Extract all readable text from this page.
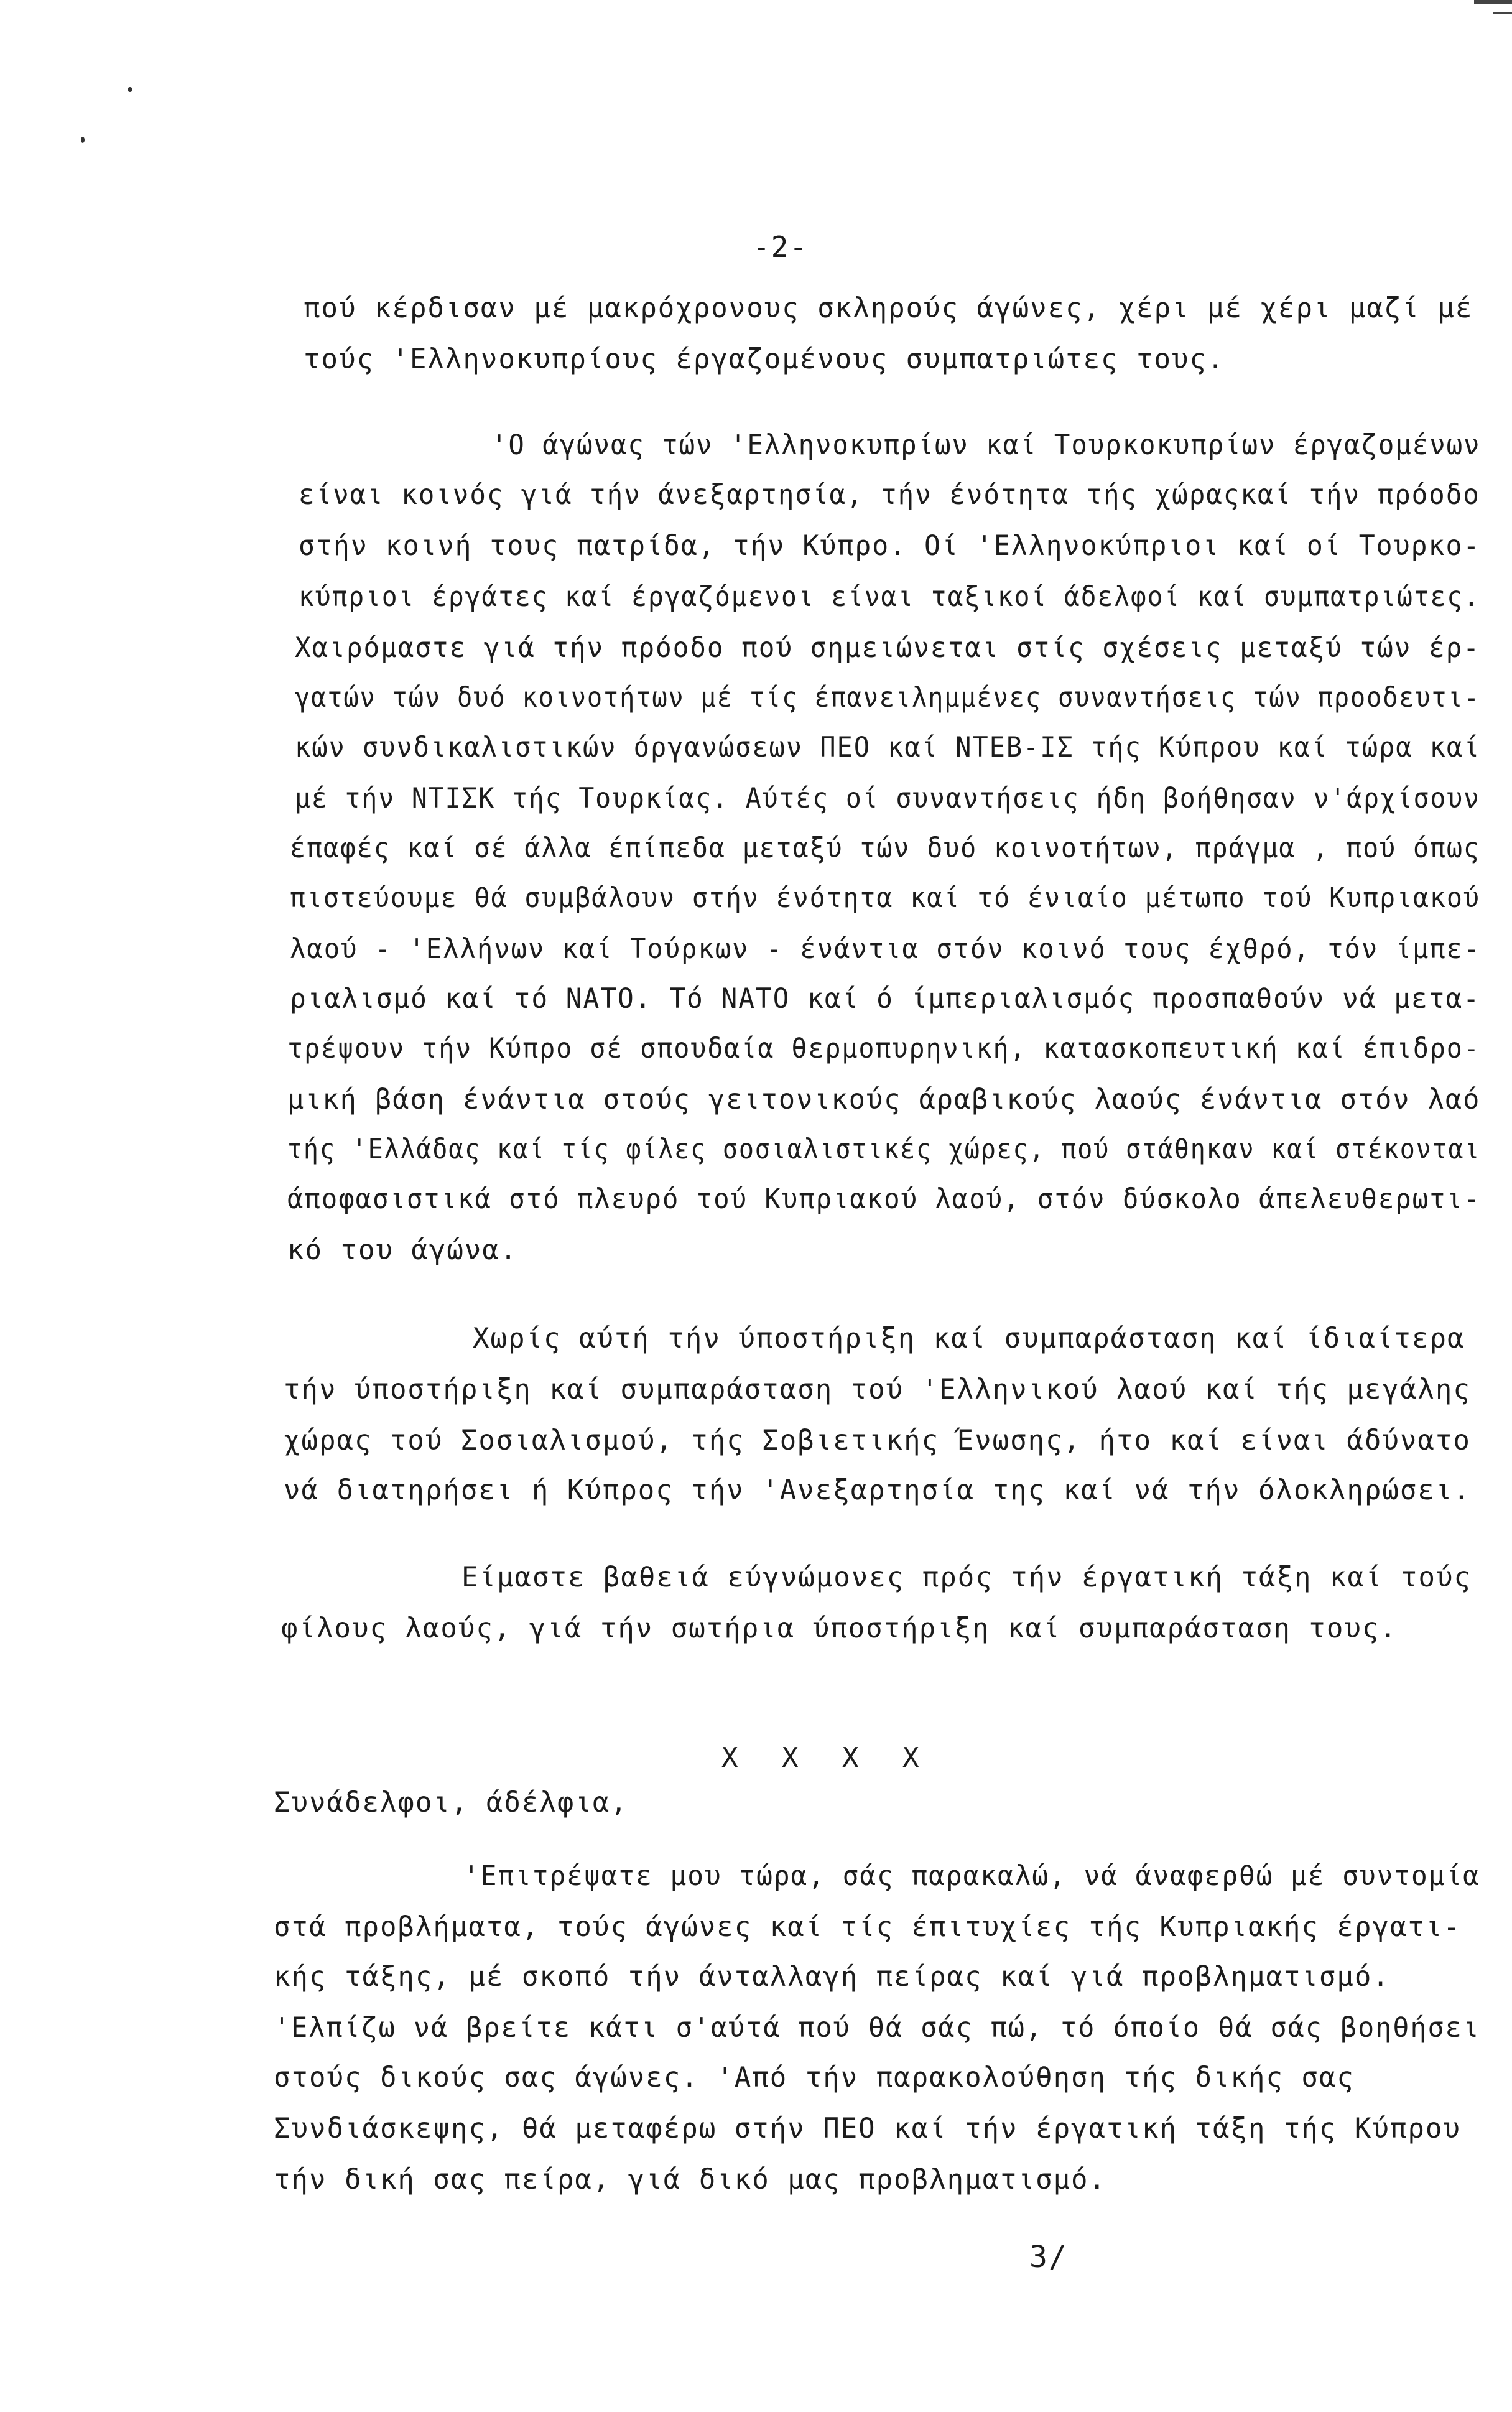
-2-
πού κέρδισαν μέ μακρόχρονους σκληρούς άγώνες, χέρι μέ χέρι μαζί μέ
τούς 'Ελληνοκυπρίους έργαζομένους συμπατριώτες τους.
'Ο άγώνας τών 'Ελληνοκυπρίων καί Τουρκοκυπρίων έργαζομένων
είναι κοινός γιά τήν άνεξαρτησία, τήν ένότητα τής χώραςκαί τήν πρόοδο
στήν κοινή τους πατρίδα, τήν Κύπρο. Οί 'Ελληνοκύπριοι καί οί Τουρκο-
κύπριοι έργάτες καί έργαζόμενοι είναι ταξικοί άδελφοί καί συμπατριώτες.
Χαιρόμαστε γιά τήν πρόοδο πού σημειώνεται στίς σχέσεις μεταξύ τών έρ-
γατών τών δυό κοινοτήτων μέ τίς έπανειλημμένες συναντήσεις τών προοδευτι-
κών συνδικαλιστικών όργανώσεων ΠΕΟ καί ΝΤΕΒ-ΙΣ τής Κύπρου καί τώρα καί
μέ τήν ΝΤΙΣΚ τής Τουρκίας. Αύτές οί συναντήσεις ήδη βοήθησαν ν'άρχίσουν
έπαφές καί σέ άλλα έπίπεδα μεταξύ τών δυό κοινοτήτων, πράγμα , πού όπως
πιστεύουμε θά συμβάλουν στήν ένότητα καί τό ένιαίο μέτωπο τού Κυπριακού
λαού - 'Ελλήνων καί Τούρκων - ένάντια στόν κοινό τους έχθρό, τόν ίμπε-
ριαλισμό καί τό ΝΑΤΟ. Τό ΝΑΤΟ καί ό ίμπεριαλισμός προσπαθούν νά μετα-
τρέψουν τήν Κύπρο σέ σπουδαία θερμοπυρηνική, κατασκοπευτική καί έπιδρο-
μική βάση ένάντια στούς γειτονικούς άραβικούς λαούς ένάντια στόν λαό
τής 'Ελλάδας καί τίς φίλες σοσιαλιστικές χώρες, πού στάθηκαν καί στέκονται
άποφασιστικά στό πλευρό τού Κυπριακού λαού, στόν δύσκολο άπελευθερωτι-
κό του άγώνα.
Χωρίς αύτή τήν ύποστήριξη καί συμπαράσταση καί ίδιαίτερα
τήν ύποστήριξη καί συμπαράσταση τού 'Ελληνικού λαού καί τής μεγάλης
χώρας τού Σοσιαλισμού, τής Σοβιετικής Ένωσης, ήτο καί είναι άδύνατο
νά διατηρήσει ή Κύπρος τήν 'Ανεξαρτησία της καί νά τήν όλοκληρώσει.
Είμαστε βαθειά εύγνώμονες πρός τήν έργατική τάξη καί τούς
φίλους λαούς, γιά τήν σωτήρια ύποστήριξη καί συμπαράσταση τους.
X X X X
Συνάδελφοι, άδέλφια,
'Επιτρέψατε μου τώρα, σάς παρακαλώ, νά άναφερθώ μέ συντομία
στά προβλήματα, τούς άγώνες καί τίς έπιτυχίες τής Κυπριακής έργατι-
κής τάξης, μέ σκοπό τήν άνταλλαγή πείρας καί γιά προβληματισμό.
'Ελπίζω νά βρείτε κάτι σ'αύτά πού θά σάς πώ, τό όποίο θά σάς βοηθήσει
στούς δικούς σας άγώνες. 'Από τήν παρακολούθηση τής δικής σας
Συνδιάσκεψης, θά μεταφέρω στήν ΠΕΟ καί τήν έργατική τάξη τής Κύπρου
τήν δική σας πείρα, γιά δικό μας προβληματισμό.
3/
